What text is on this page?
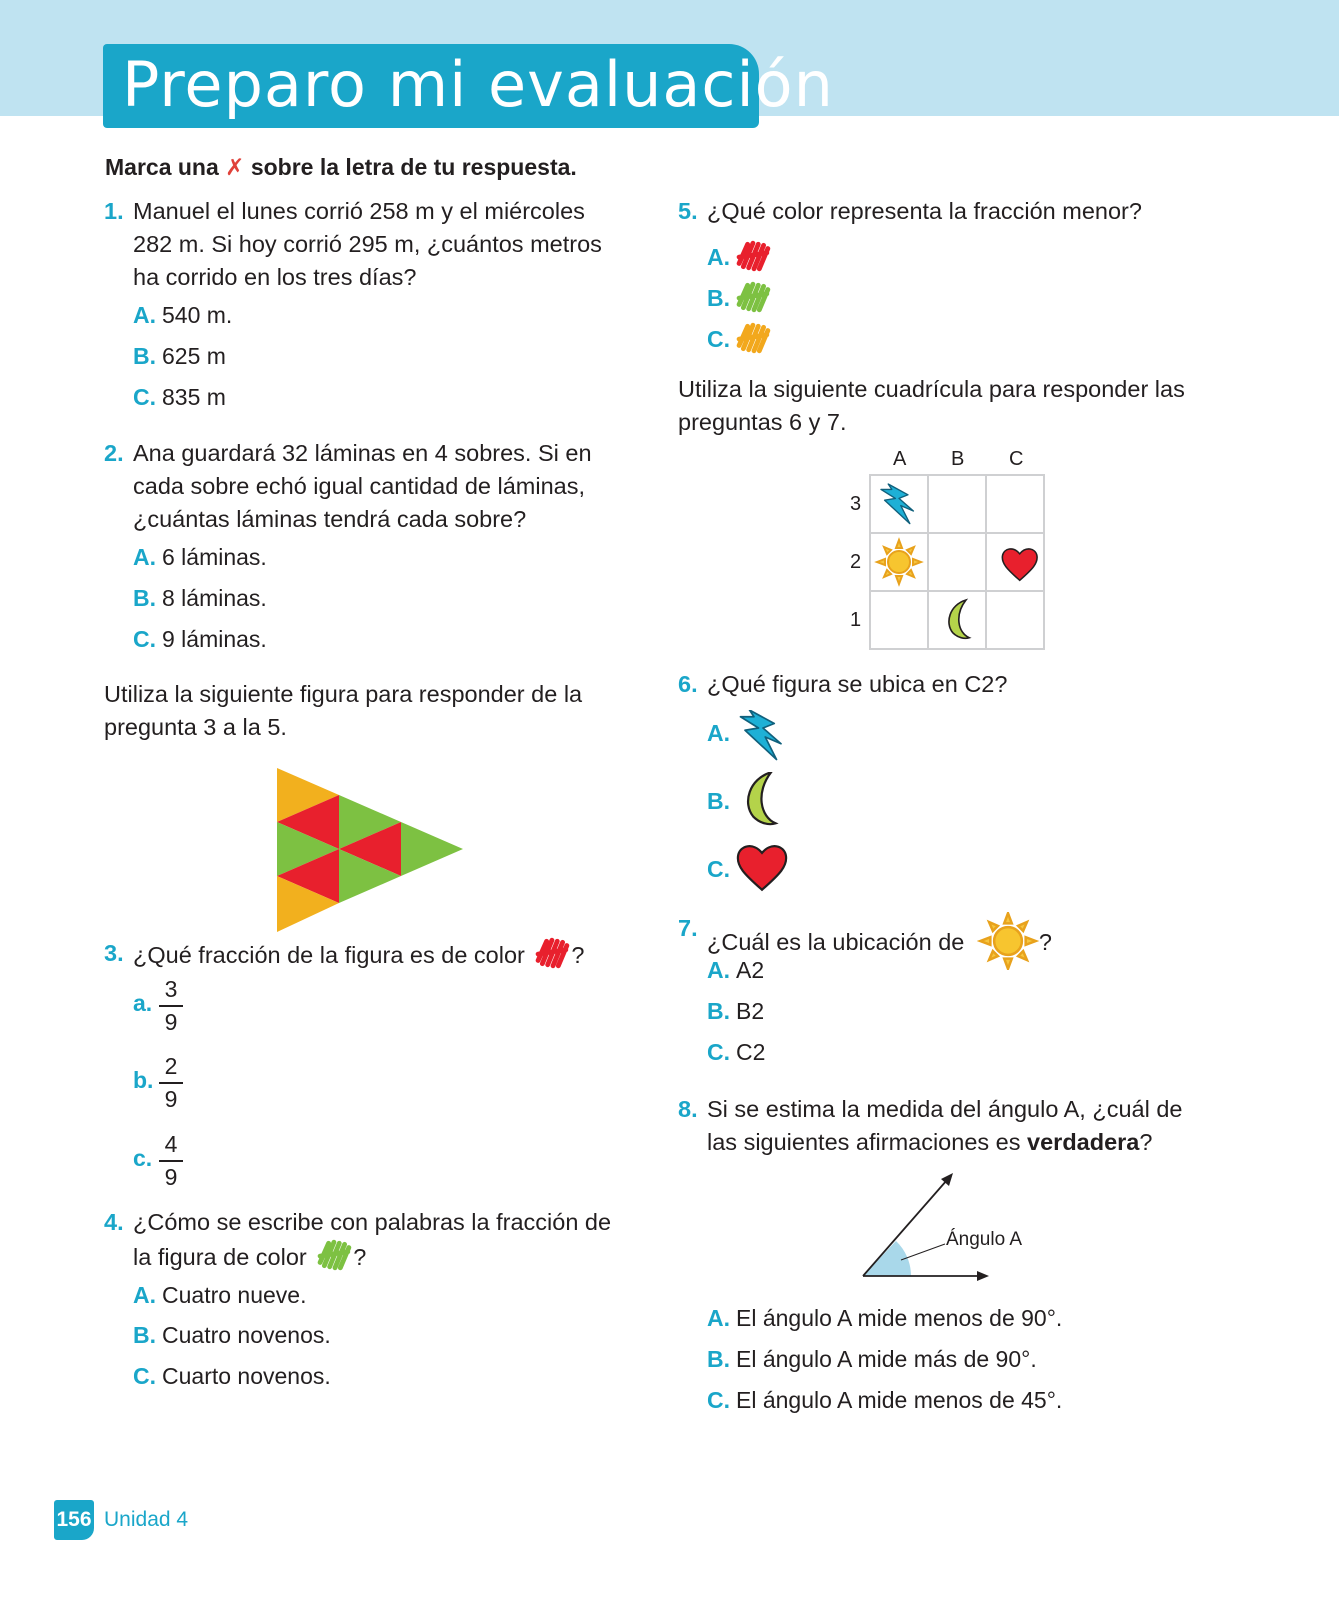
Preparo mi evaluación
Marca una ✗ sobre la letra de tu respuesta.
1. Manuel el lunes corrió 258 m y el miércoles 282 m. Si hoy corrió 295 m, ¿cuántos metros ha corrido en los tres días?
A. 540 m.
B. 625 m
C. 835 m
2. Ana guardará 32 láminas en 4 sobres. Si en cada sobre echó igual cantidad de láminas, ¿cuántas láminas tendrá cada sobre?
A. 6 láminas.
B. 8 láminas.
C. 9 láminas.
Utiliza la siguiente figura para responder de la pregunta 3 a la 5.
3. ¿Qué fracción de la figura es de color ?
a.
3
9
b.
2
9
c.
4
9
4. ¿Cómo se escribe con palabras la fracción de
la figura de color ?
A. Cuatro nueve.
B. Cuatro novenos.
C. Cuarto novenos.
5. ¿Qué color representa la fracción menor?
A.
B.
C.
Utiliza la siguiente cuadrícula para responder las preguntas 6 y 7.
A B C
3
2
1
6. ¿Qué figura se ubica en C2?
A.
B.
C.
7.
¿Cuál es la ubicación de	?
A. A2
B. B2
C. C2
8. Si se estima la medida del ángulo A, ¿cuál de las siguientes afirmaciones es verdadera?
Ángulo A
A. El ángulo A mide menos de 90°.
B. El ángulo A mide más de 90°.
C. El ángulo A mide menos de 45°.
156 Unidad 4
